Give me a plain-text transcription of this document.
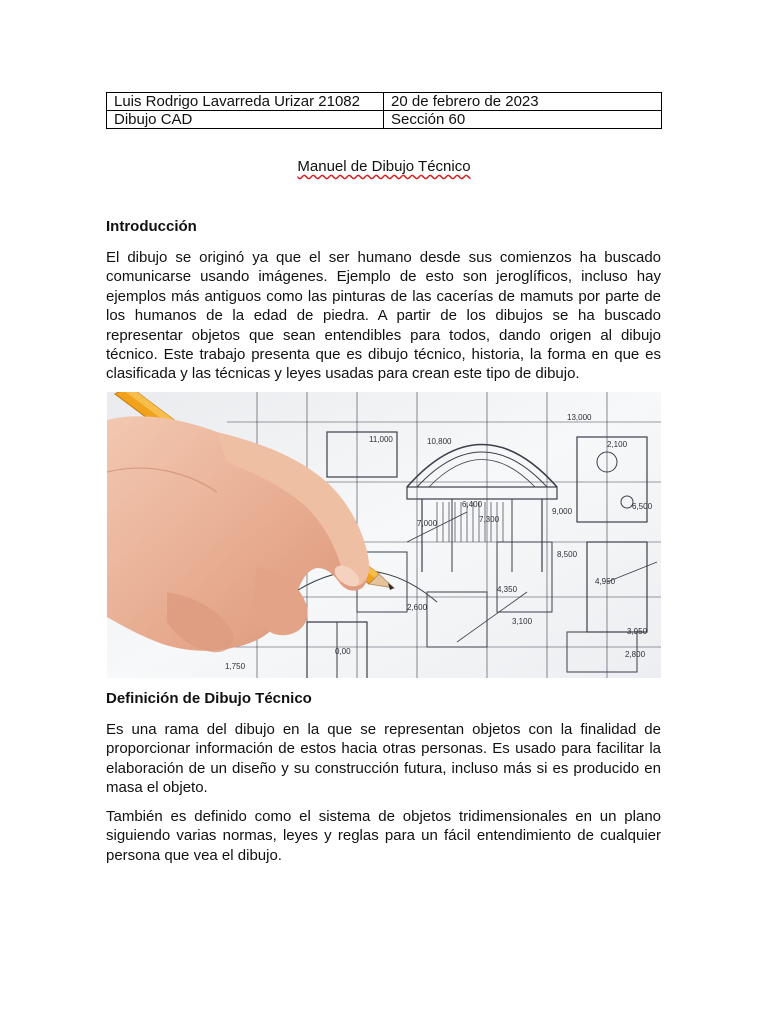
Luis Rodrigo Lavarreda Urizar 21082	20 de febrero de 2023
Dibujo CAD	Sección 60
Manuel de Dibujo Técnico
Introducción

El dibujo se originó ya que el ser humano desde sus comienzos ha buscado comunicarse usando imágenes. Ejemplo de esto son jeroglíficos, incluso hay ejemplos más antiguos como las pinturas de las cacerías de mamuts por parte de los humanos de la edad de piedra. A partir de los dibujos se ha buscado representar objetos que sean entendibles para todos, dando origen al dibujo técnico. Este trabajo presenta que es dibujo técnico, historia, la forma en que es clasificada y las técnicas y leyes usadas para crean este tipo de dibujo.

13,000
11,000	10,800	2,100
6,400
7,000	7,300
9,000
6,500
8,500
4,350
4,950
2,600
3,100
3,950
2,800
1,750
0,00
Definición de Dibujo Técnico

Es una rama del dibujo en la que se representan objetos con la finalidad de proporcionar información de estos hacia otras personas. Es usado para facilitar la elaboración de un diseño y su construcción futura, incluso más si es producido en masa el objeto.

También es definido como el sistema de objetos tridimensionales en un plano siguiendo varias normas, leyes y reglas para un fácil entendimiento de cualquier persona que vea el dibujo.
